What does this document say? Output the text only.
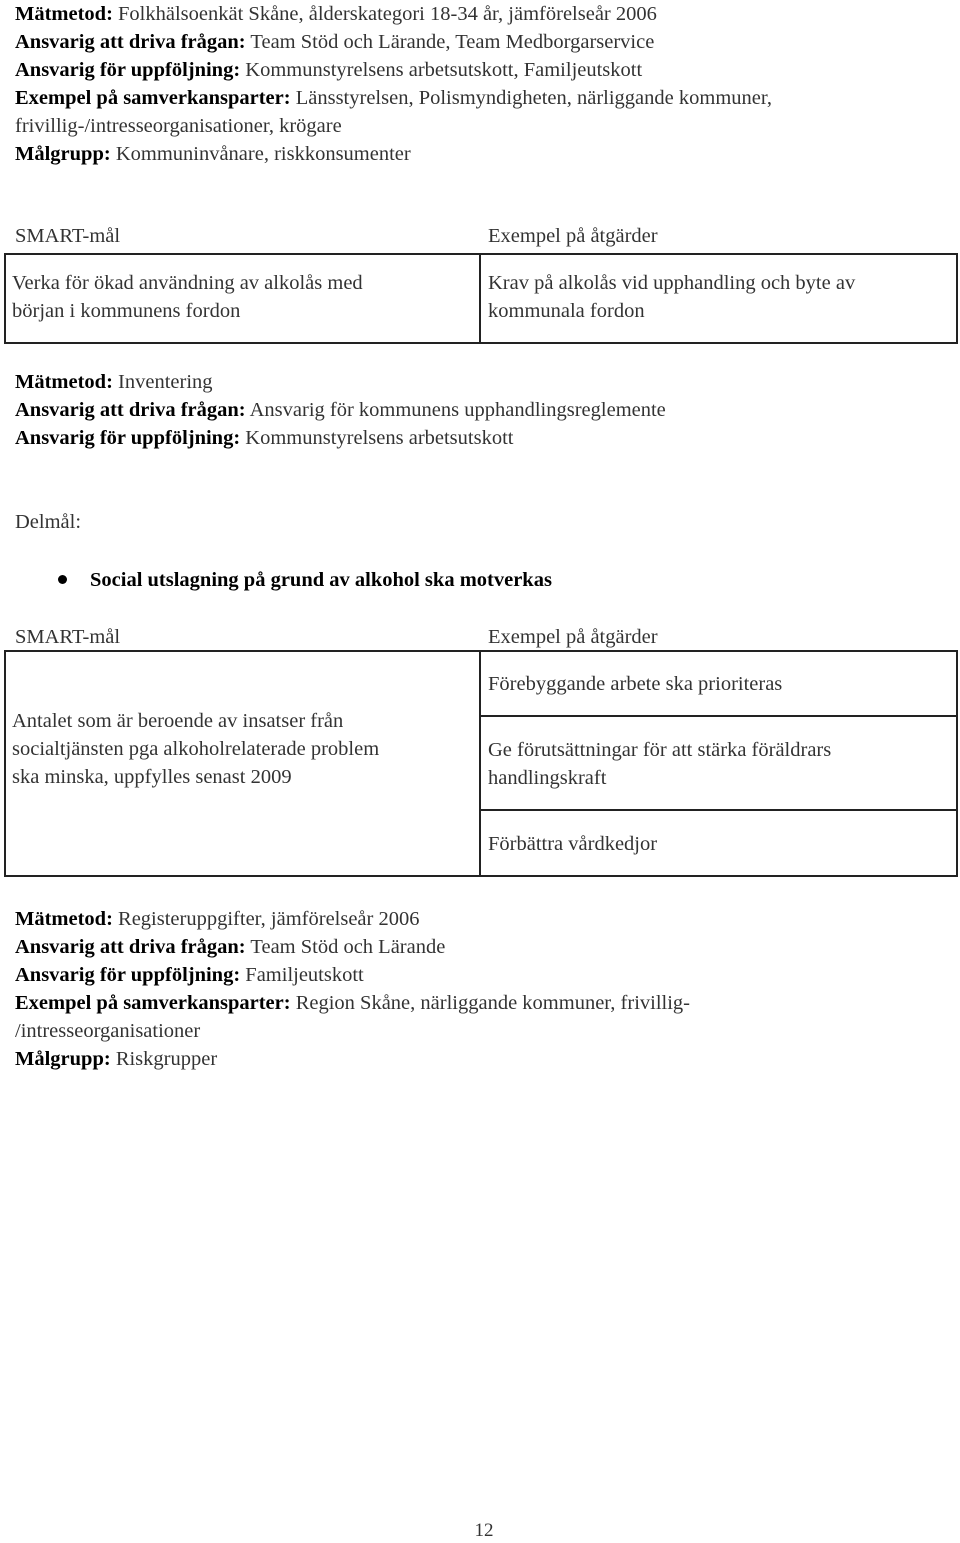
Mätmetod: Folkhälsoenkät Skåne, ålderskategori 18-34 år, jämförelseår 2006
Ansvarig att driva frågan: Team Stöd och Lärande, Team Medborgarservice
Ansvarig för uppföljning: Kommunstyrelsens arbetsutskott, Familjeutskott
Exempel på samverkansparter: Länsstyrelsen, Polismyndigheten, närliggande kommuner,
frivillig-/intresseorganisationer, krögare
Målgrupp: Kommuninvånare, riskkonsumenter
SMART-mål	Exempel på åtgärder
Verka för ökad användning av alkolås med
början i kommunens fordon
Krav på alkolås vid upphandling och byte av
kommunala fordon
Mätmetod: Inventering
Ansvarig att driva frågan: Ansvarig för kommunens upphandlingsreglemente
Ansvarig för uppföljning: Kommunstyrelsens arbetsutskott
Delmål:
Social utslagning på grund av alkohol ska motverkas
SMART-mål	Exempel på åtgärder
Antalet som är beroende av insatser från
socialtjänsten pga alkoholrelaterade problem
ska minska, uppfylles senast 2009
Förebyggande arbete ska prioriteras
Ge förutsättningar för att stärka föräldrars
handlingskraft
Förbättra vårdkedjor
Mätmetod: Registeruppgifter, jämförelseår 2006
Ansvarig att driva frågan: Team Stöd och Lärande
Ansvarig för uppföljning: Familjeutskott
Exempel på samverkansparter: Region Skåne, närliggande kommuner, frivillig-
/intresseorganisationer
Målgrupp: Riskgrupper
12
